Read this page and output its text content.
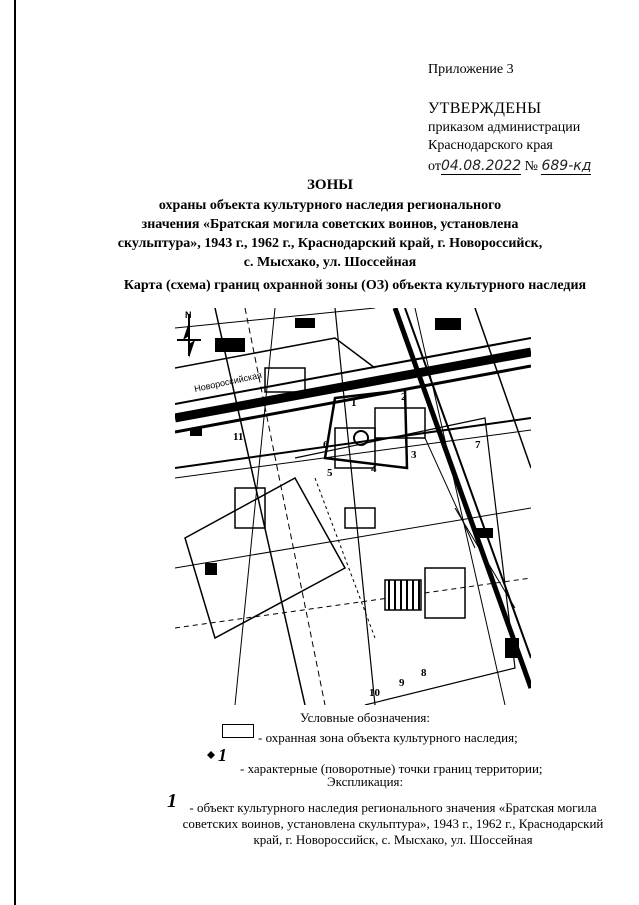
Приложение 3
УТВЕРЖДЕНЫ
приказом администрации
Краснодарского края
от04.08.2022 № 689-кд
ЗОНЫ
охраны объекта культурного наследия регионального
значения «Братская могила советских воинов, установлена
скульптура», 1943 г., 1962 г., Краснодарский край, г. Новороссийск,
с. Мысхако, ул. Шоссейная
Карта (схема) границ охранной зоны (ОЗ) объекта культурного наследия
N
Новороссийская
1	2
3
4
5
6	7
8
9
10
11
Условные обозначения:
- охранная зона объекта культурного наследия;
1
- характерные (поворотные) точки границ территории;
Экспликация:
1 - объект культурного наследия регионального значения «Братская могила
советских воинов, установлена скульптура», 1943 г., 1962 г., Краснодарский
край, г. Новороссийск, с. Мысхако, ул. Шоссейная
